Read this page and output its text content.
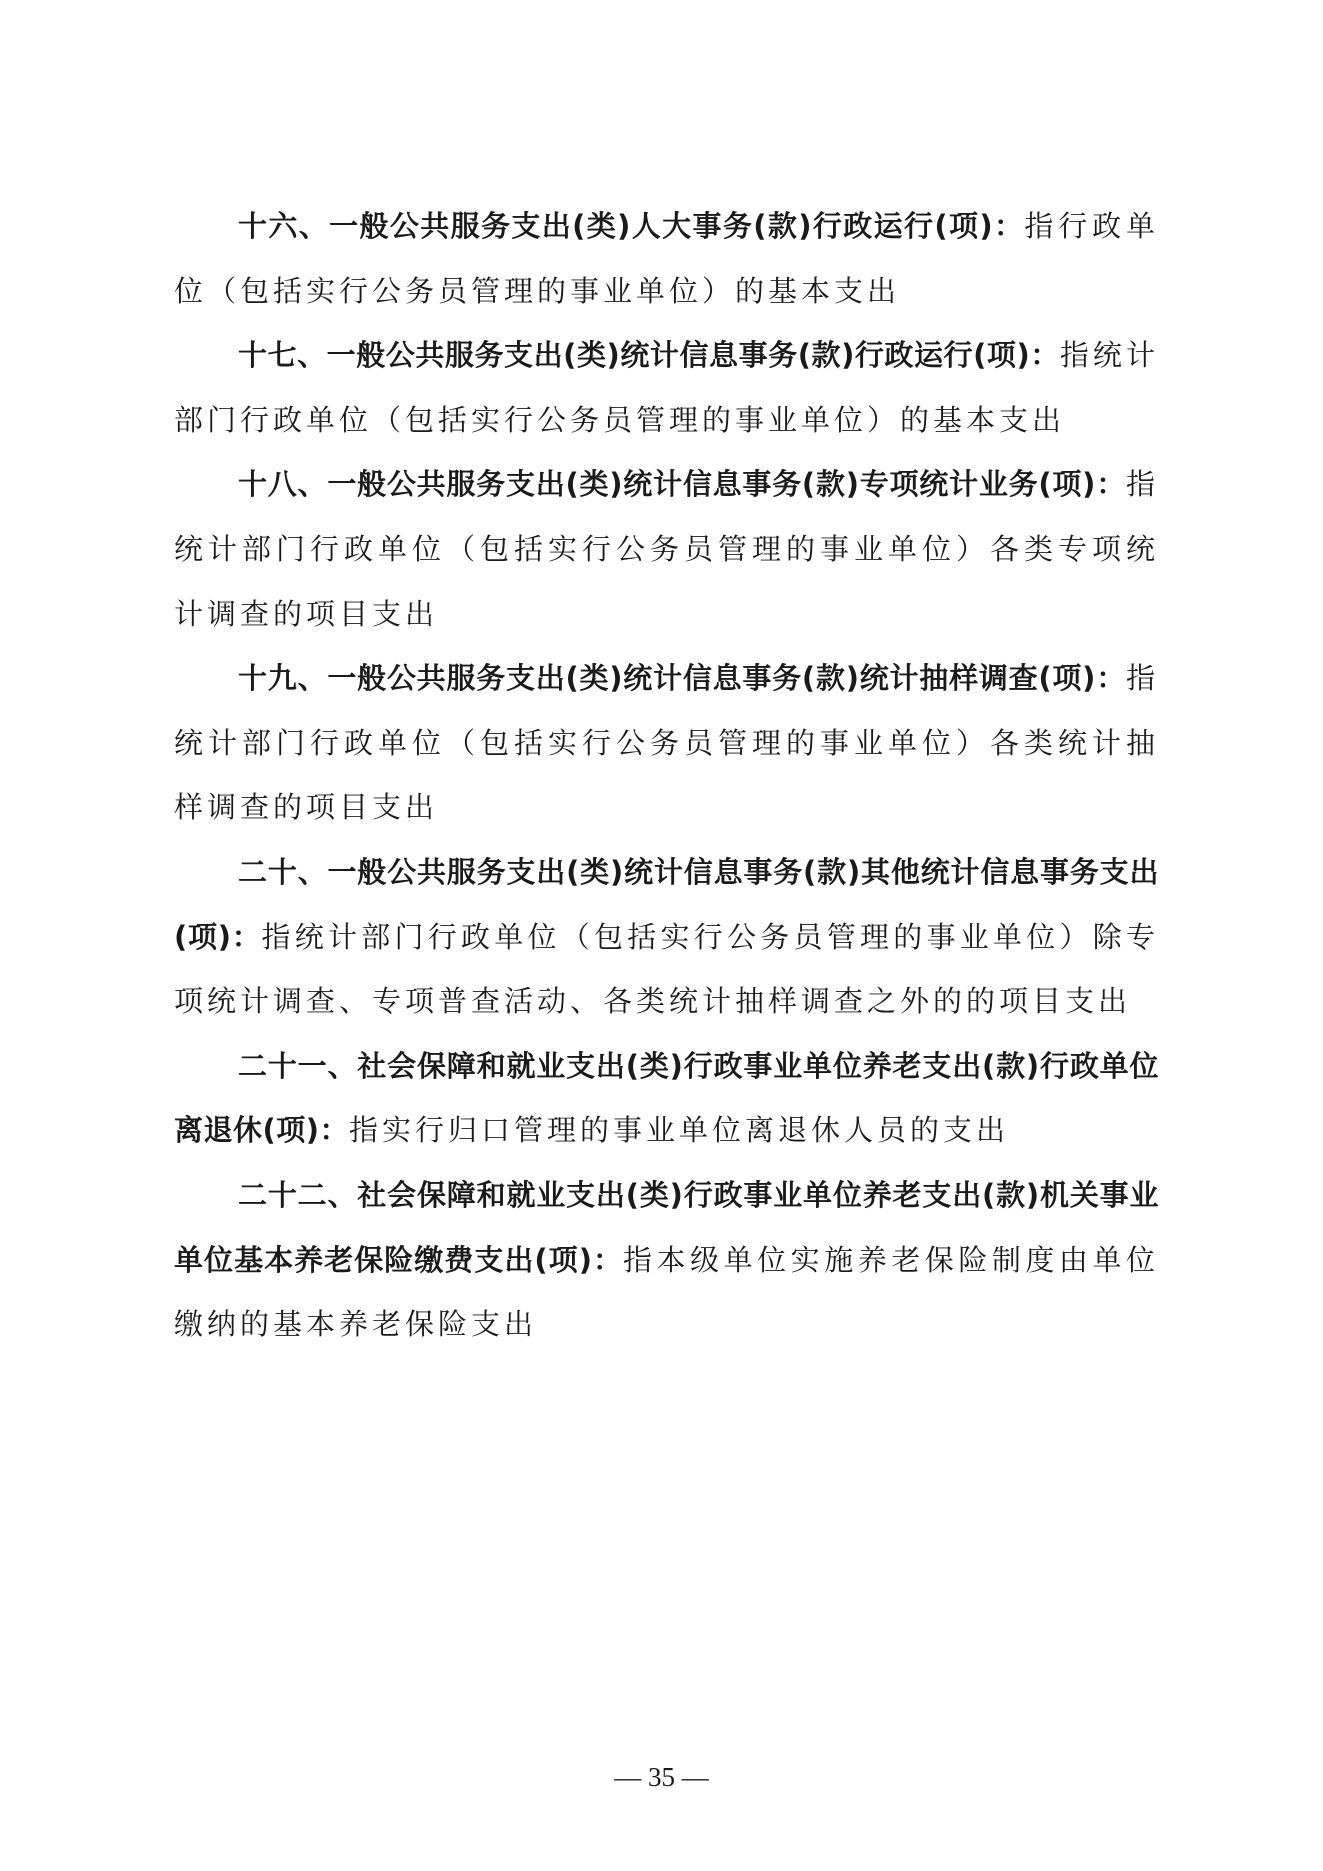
十六、一般公共服务支出(类)人大事务(款)行政运行(项)：指行政单位（包括实行公务员管理的事业单位）的基本支出

十七、一般公共服务支出(类)统计信息事务(款)行政运行(项)：指统计部门行政单位（包括实行公务员管理的事业单位）的基本支出

十八、一般公共服务支出(类)统计信息事务(款)专项统计业务(项)：指统计部门行政单位（包括实行公务员管理的事业单位）各类专项统计调查的项目支出

十九、一般公共服务支出(类)统计信息事务(款)统计抽样调查(项)：指统计部门行政单位（包括实行公务员管理的事业单位）各类统计抽样调查的项目支出

二十、一般公共服务支出(类)统计信息事务(款)其他统计信息事务支出(项)：指统计部门行政单位（包括实行公务员管理的事业单位）除专项统计调查、专项普查活动、各类统计抽样调查之外的的项目支出

二十一、社会保障和就业支出(类)行政事业单位养老支出(款)行政单位离退休(项)：指实行归口管理的事业单位离退休人员的支出

二十二、社会保障和就业支出(类)行政事业单位养老支出(款)机关事业单位基本养老保险缴费支出(项)：指本级单位实施养老保险制度由单位缴纳的基本养老保险支出

— 35 —
